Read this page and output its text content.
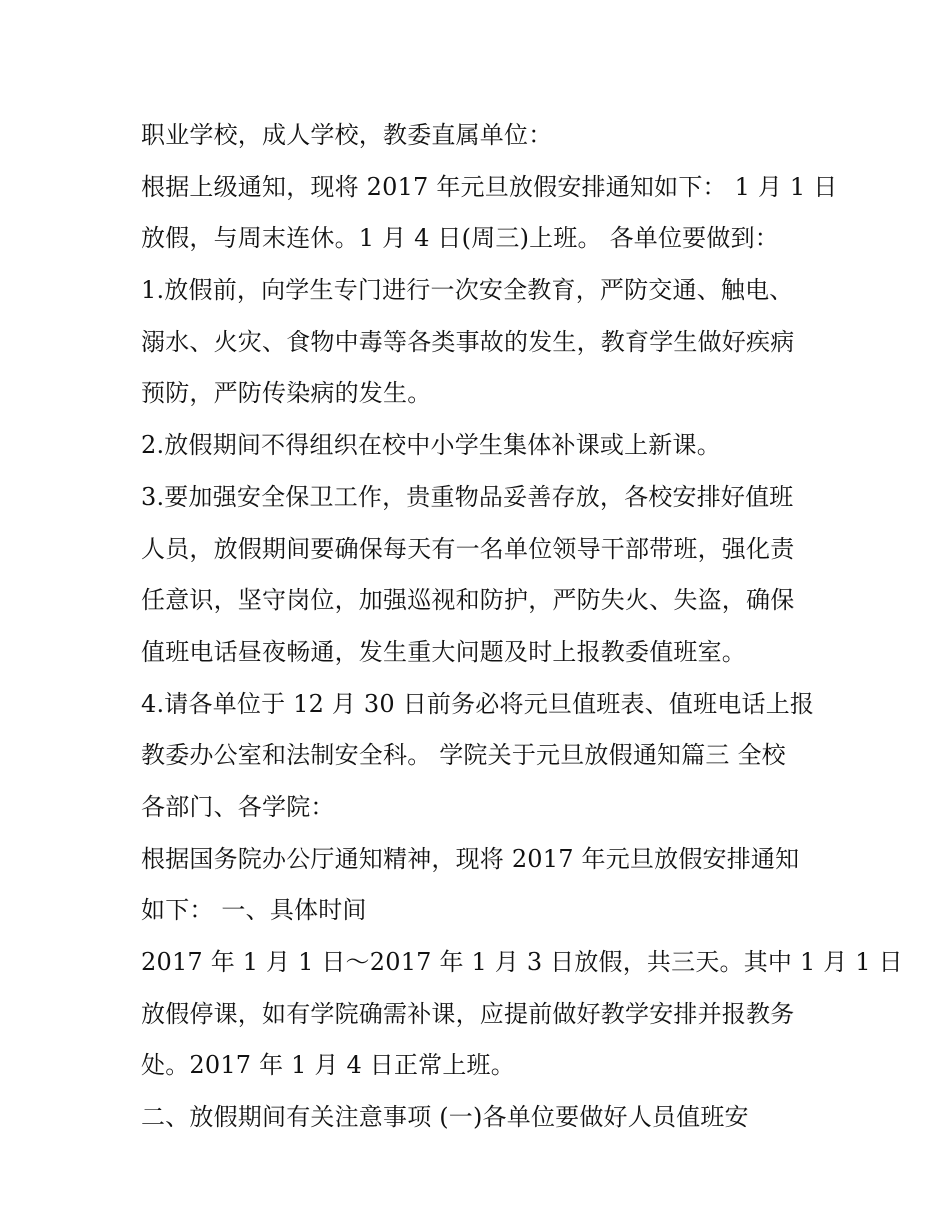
职业学校，成人学校，教委直属单位：
根据上级通知，现将 2017 年元旦放假安排通知如下： 1 月 1 日
放假，与周末连休。1 月 4 日(周三)上班。 各单位要做到：
1.放假前，向学生专门进行一次安全教育，严防交通、触电、
溺水、火灾、食物中毒等各类事故的发生，教育学生做好疾病
预防，严防传染病的发生。
2.放假期间不得组织在校中小学生集体补课或上新课。
3.要加强安全保卫工作，贵重物品妥善存放，各校安排好值班
人员，放假期间要确保每天有一名单位领导干部带班，强化责
任意识，坚守岗位，加强巡视和防护，严防失火、失盗，确保
值班电话昼夜畅通，发生重大问题及时上报教委值班室。
4.请各单位于 12 月 30 日前务必将元旦值班表、值班电话上报
教委办公室和法制安全科。 学院关于元旦放假通知篇三 全校
各部门、各学院：
根据国务院办公厅通知精神，现将 2017 年元旦放假安排通知
如下： 一、具体时间
2017 年 1 月 1 日～2017 年 1 月 3 日放假，共三天。其中 1 月 1 日
放假停课，如有学院确需补课，应提前做好教学安排并报教务
处。2017 年 1 月 4 日正常上班。
二、放假期间有关注意事项 (一)各单位要做好人员值班安
